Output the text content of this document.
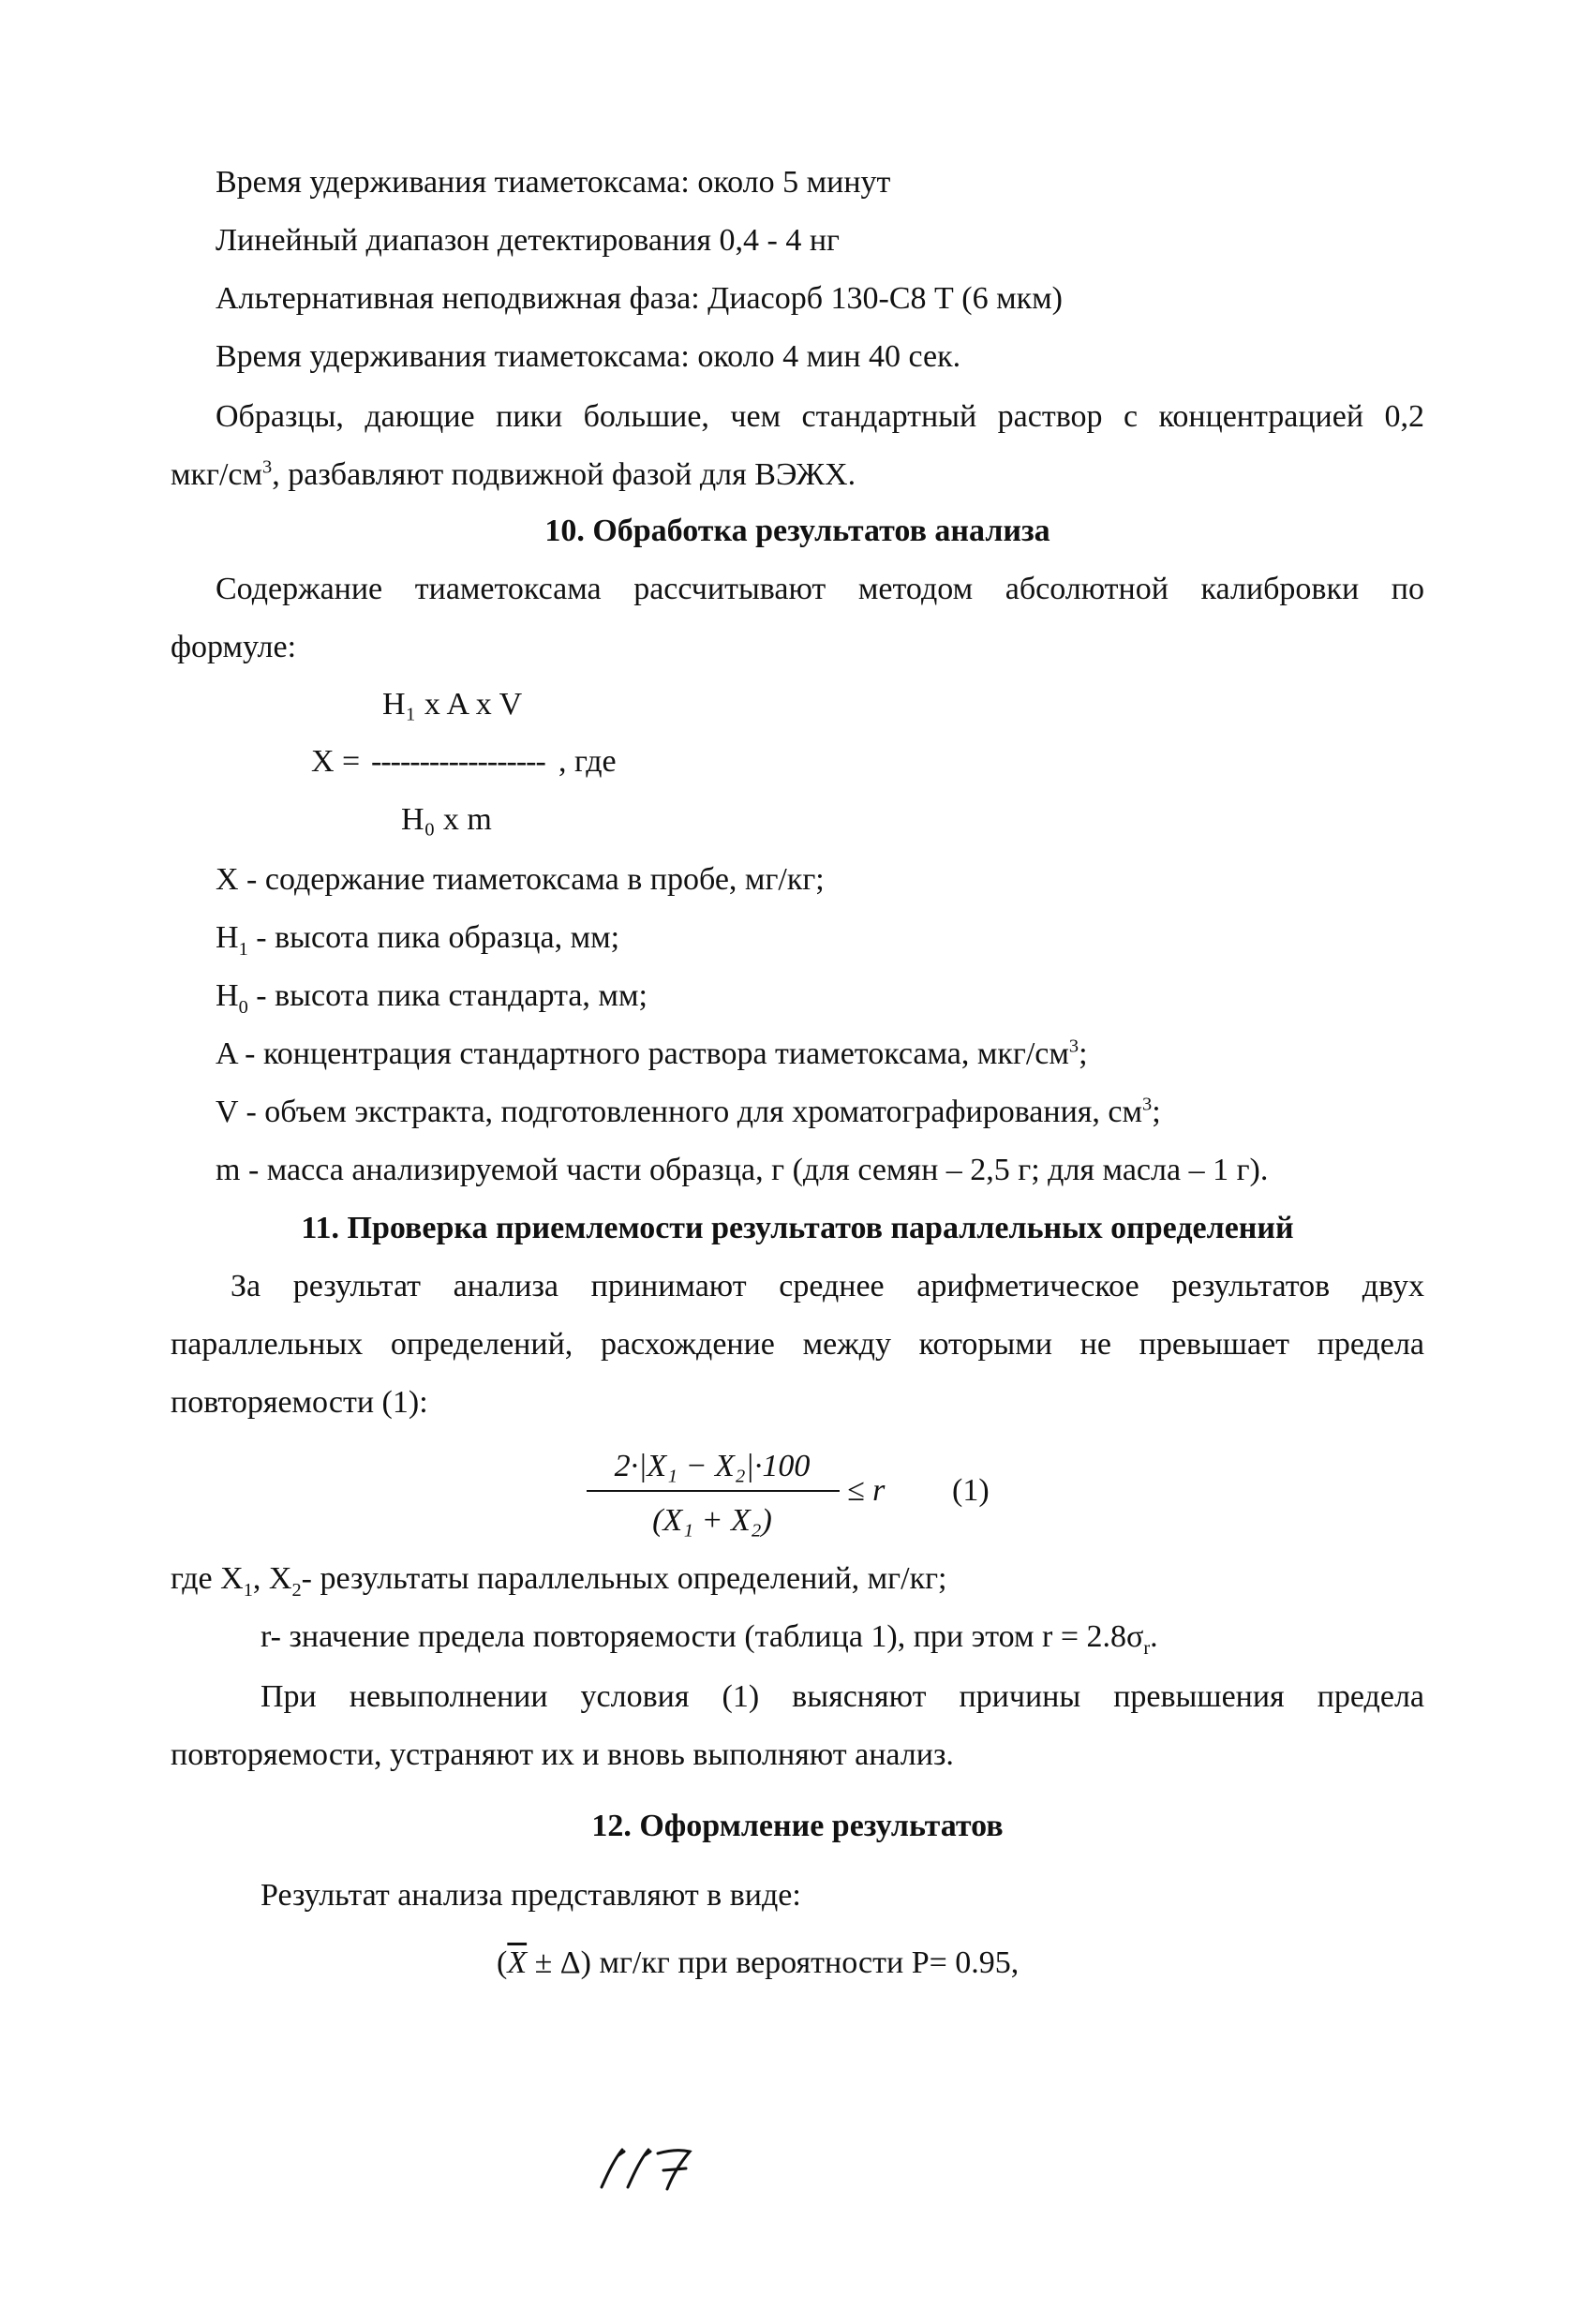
Время удерживания тиаметоксама: около 5 минут
Линейный диапазон детектирования 0,4 - 4 нг
Альтернативная неподвижная фаза: Диасорб 130-С8 Т (6 мкм)
Время удерживания тиаметоксама: около 4 мин 40 сек.
Образцы, дающие пики большие, чем стандартный раствор с концентрацией 0,2
мкг/$см^3$, разбавляют подвижной фазой для ВЭЖХ.
10. Обработка результатов анализа
Содержание тиаметоксама рассчитывают методом абсолютной калибровки по
формуле:
H₁ x A x V
X = ------------------ , где
H₀ x m
X - содержание тиаметоксама в пробе, мг/кг;
$H_1$ - высота пика образца, мм;
$H_0$ - высота пика стандарта, мм;
A - концентрация стандартного раствора тиаметоксама, мкг/$см^3$;
V - объем экстракта, подготовленного для хроматографирования, $см^3$;
m - масса анализируемой части образца, г (для семян – 2,5 г; для масла – 1 г).
11. Проверка приемлемости результатов параллельных определений
За результат анализа принимают среднее арифметическое результатов двух
параллельных определений, расхождение между которыми не превышает предела
повторяемости (1):
2·|X₁ − X₂|·100
(X₁ + X₂)
≤ r (1)
где $X_1$, $X_2-$ результаты параллельных определений, мг/кг;
r- значение предела повторяемости (таблица 1), при этом $r = 2.8\sigma_r$.
При невыполнении условия (1) выясняют причины превышения предела
повторяемости, устраняют их и вновь выполняют анализ.
12. Оформление результатов
Результат анализа представляют в виде:
$(\overline{X} \pm \Delta)$ мг/кг при вероятности P= 0.95,
